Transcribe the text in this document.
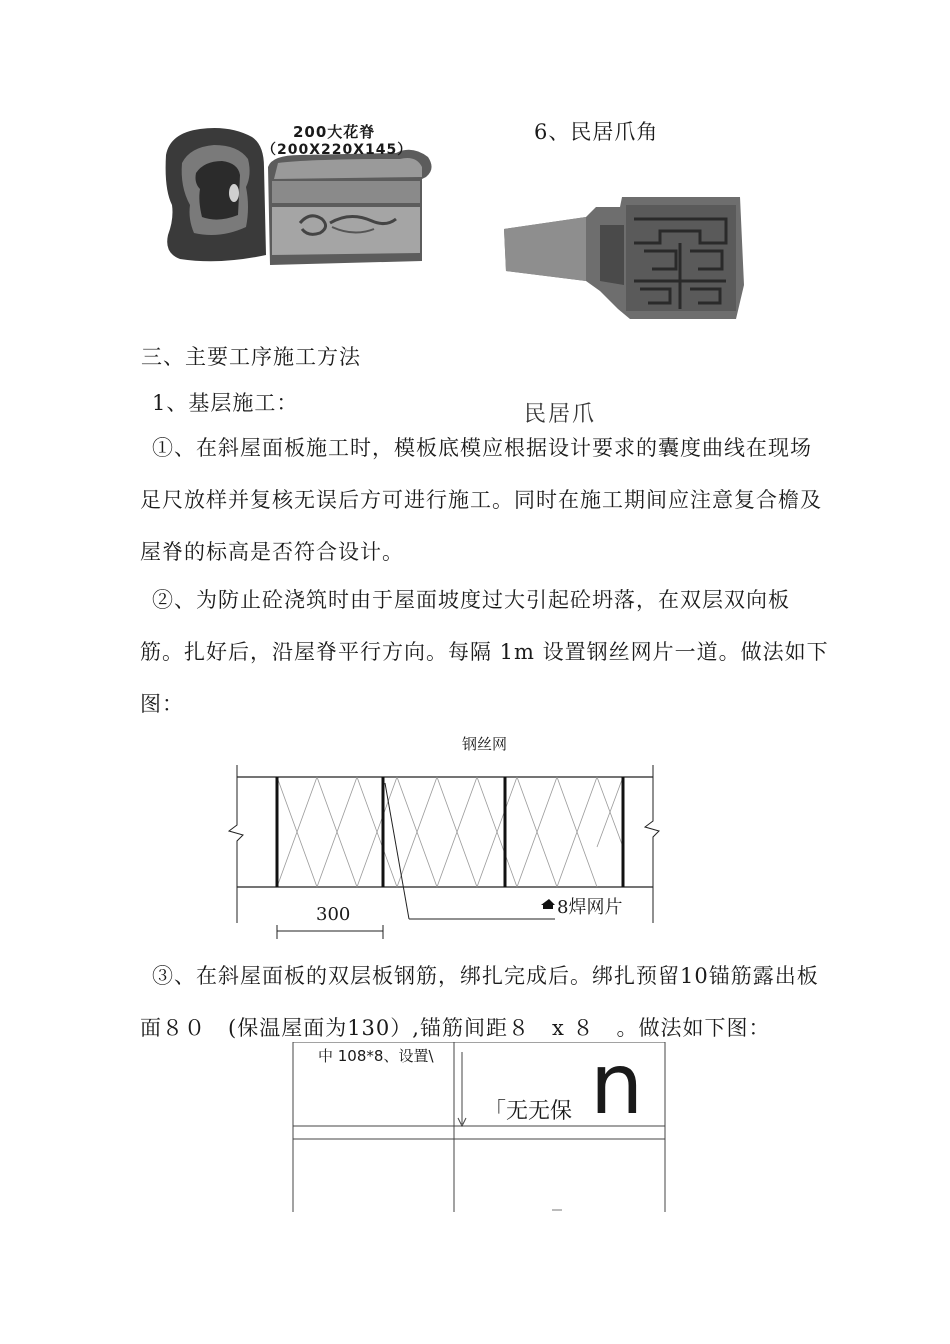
200大花脊
（200X220X145）
6、民居爪角
民居爪
三、主要工序施工方法
1、基层施工：
①、在斜屋面板施工时，模板底模应根据设计要求的囊度曲线在现场足尺放样并复核无误后方可进行施工。同时在施工期间应注意复合檐及屋脊的标高是否符合设计。
②、为防止砼浇筑时由于屋面坡度过大引起砼坍落，在双层双向板筋。扎好后，沿屋脊平行方向。每隔 1m 设置钢丝网片一道。做法如下图：
钢丝网
300	8焊网片
③、在斜屋面板的双层板钢筋，绑扎完成后。绑扎预留10锚筋露出板面８０　(保温屋面为130）,锚筋间距８　x ８　。做法如下图：
中 108*8、设置\
「无无保 n
